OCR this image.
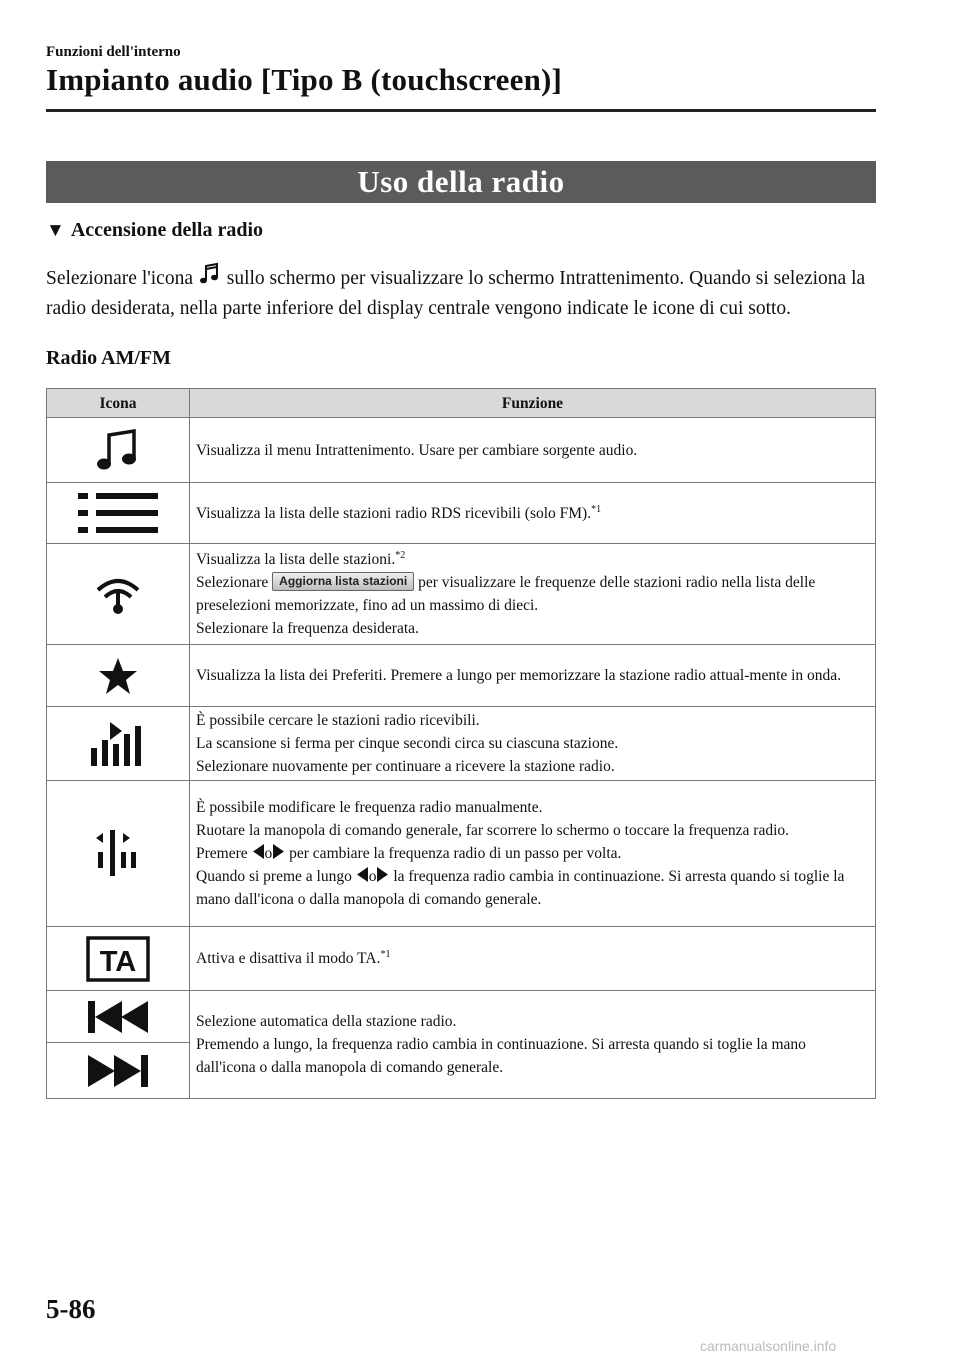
Funzioni dell'interno
Impianto audio [Tipo B (touchscreen)]
Uso della radio
▼ Accensione della radio
Selezionare l'icona sullo schermo per visualizzare lo schermo Intrattenimento. Quando si seleziona la radio desiderata, nella parte inferiore del display centrale vengono indicate le icone di cui sotto.
Radio AM/FM
Icona	Funzione

	Visualizza il menu Intrattenimento. Usare per cambiare sorgente audio.

	Visualizza la lista delle stazioni radio RDS ricevibili (solo FM).$^{*1}$

Visualizza la lista delle stazioni.$^{*2}$
Selezionare Aggiorna lista stazioni per visualizzare le frequenze delle stazioni radio nella lista delle preselezioni memorizzate, fino ad un massimo di dieci.
Selezionare la frequenza desiderata.

	Visualizza la lista dei Preferiti. Premere a lungo per memorizzare la stazione radio attual-mente in onda.

È possibile cercare le stazioni radio ricevibili.
La scansione si ferma per cinque secondi circa su ciascuna stazione.
Selezionare nuovamente per continuare a ricevere la stazione radio.

È possibile modificare le frequenza radio manualmente.
Ruotare la manopola di comando generale, far scorrere lo schermo o toccare la frequenza radio.
Premere o per cambiare la frequenza radio di un passo per volta.
Quando si preme a lungo o la frequenza radio cambia in continuazione. Si arresta quando si toglie la mano dall'icona o dalla manopola di comando generale.

TA	Attiva e disattiva il modo TA.$^{*1}$

Selezione automatica della stazione radio.
Premendo a lungo, la frequenza radio cambia in continuazione. Si arresta quando si toglie la mano dall'icona o dalla manopola di comando generale.

5-86
carmanualsonline.info
